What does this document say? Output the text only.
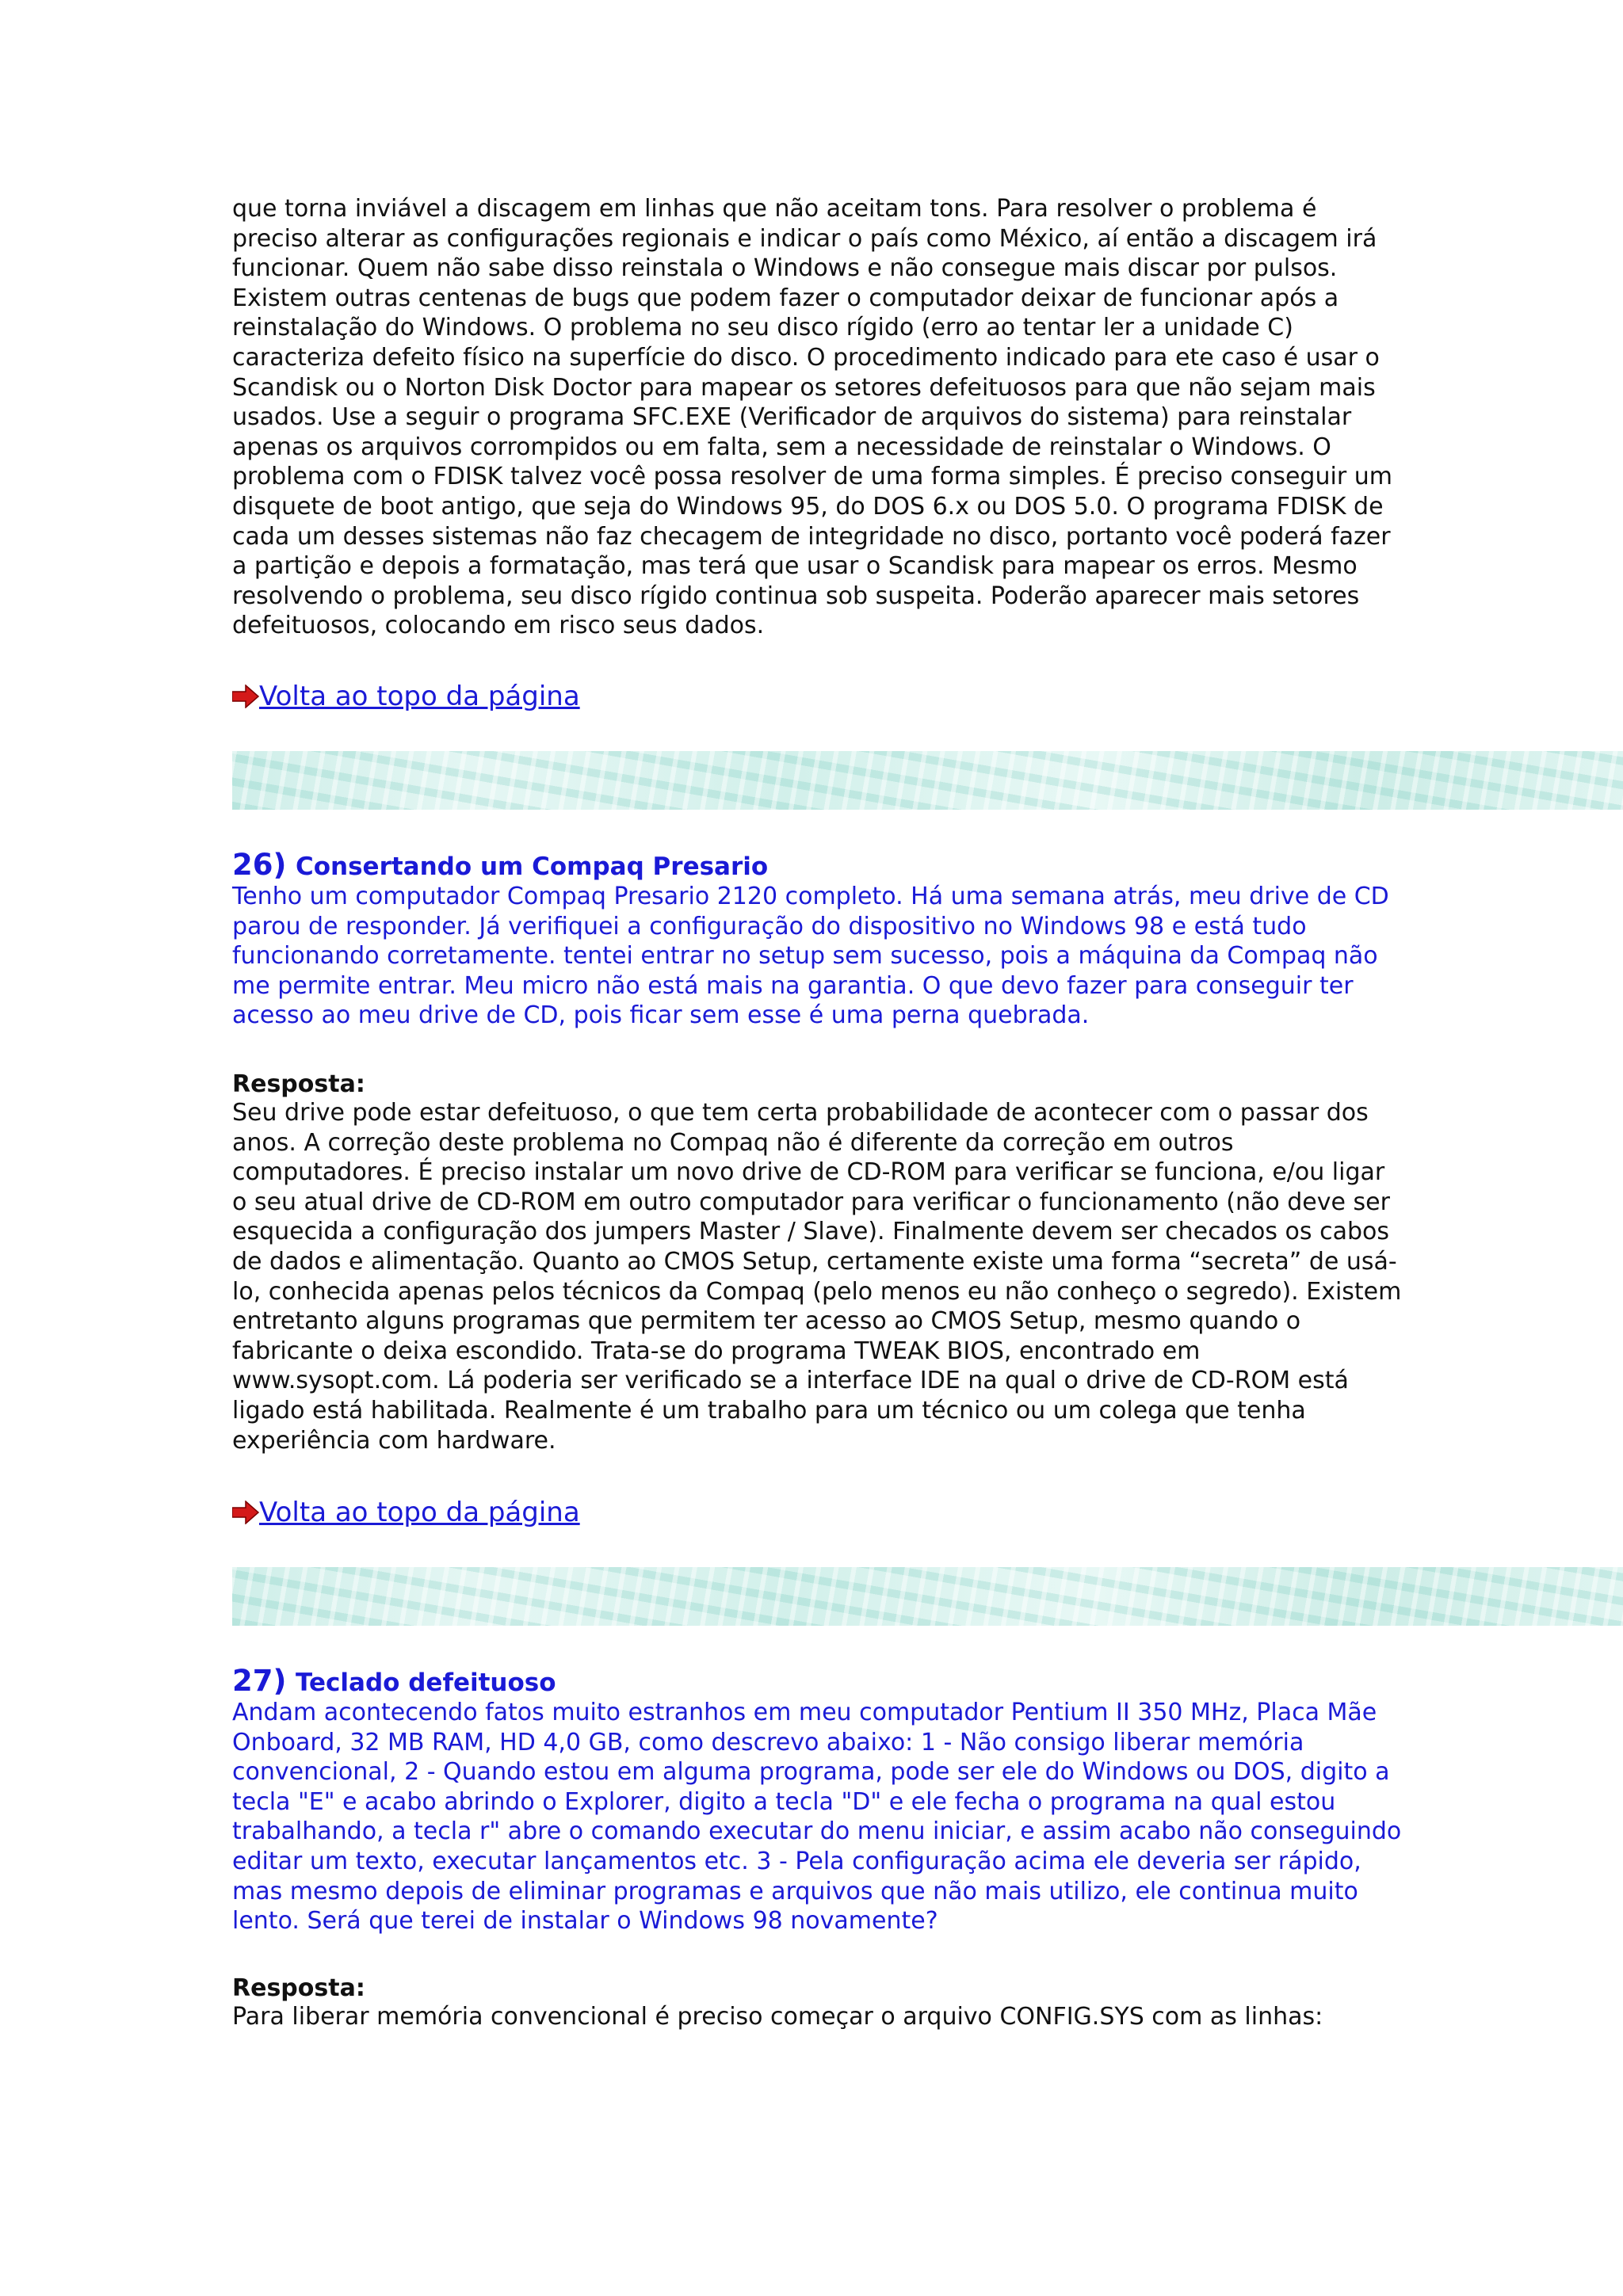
que torna inviável a discagem em linhas que não aceitam tons. Para resolver o problema é preciso alterar as configurações regionais e indicar o país como México, aí então a discagem irá funcionar. Quem não sabe disso reinstala o Windows e não consegue mais discar por pulsos. Existem outras centenas de bugs que podem fazer o computador deixar de funcionar após a reinstalação do Windows. O problema no seu disco rígido (erro ao tentar ler a unidade C) caracteriza defeito físico na superfície do disco. O procedimento indicado para ete caso é usar o Scandisk ou o Norton Disk Doctor para mapear os setores defeituosos para que não sejam mais usados. Use a seguir o programa SFC.EXE (Verificador de arquivos do sistema) para reinstalar apenas os arquivos corrompidos ou em falta, sem a necessidade de reinstalar o Windows. O problema com o FDISK talvez você possa resolver de uma forma simples. É preciso conseguir um disquete de boot antigo, que seja do Windows 95, do DOS 6.x ou DOS 5.0. O programa FDISK de cada um desses sistemas não faz checagem de integridade no disco, portanto você poderá fazer a partição e depois a formatação, mas terá que usar o Scandisk para mapear os erros. Mesmo resolvendo o problema, seu disco rígido continua sob suspeita. Poderão aparecer mais setores defeituosos, colocando em risco seus dados.

Volta ao topo da página
26) Consertando um Compaq Presario

Tenho um computador Compaq Presario 2120 completo. Há uma semana atrás, meu drive de CD parou de responder. Já verifiquei a configuração do dispositivo no Windows 98 e está tudo funcionando corretamente. tentei entrar no setup sem sucesso, pois a máquina da Compaq não me permite entrar. Meu micro não está mais na garantia. O que devo fazer para conseguir ter acesso ao meu drive de CD, pois ficar sem esse é uma perna quebrada.

Resposta:

Seu drive pode estar defeituoso, o que tem certa probabilidade de acontecer com o passar dos anos. A correção deste problema no Compaq não é diferente da correção em outros computadores. É preciso instalar um novo drive de CD-ROM para verificar se funciona, e/ou ligar o seu atual drive de CD-ROM em outro computador para verificar o funcionamento (não deve ser esquecida a configuração dos jumpers Master / Slave). Finalmente devem ser checados os cabos de dados e alimentação. Quanto ao CMOS Setup, certamente existe uma forma “secreta” de usá-lo, conhecida apenas pelos técnicos da Compaq (pelo menos eu não conheço o segredo). Existem entretanto alguns programas que permitem ter acesso ao CMOS Setup, mesmo quando o fabricante o deixa escondido. Trata-se do programa TWEAK BIOS, encontrado em www.sysopt.com. Lá poderia ser verificado se a interface IDE na qual o drive de CD-ROM está ligado está habilitada. Realmente é um trabalho para um técnico ou um colega que tenha experiência com hardware.

Volta ao topo da página
27) Teclado defeituoso

Andam acontecendo fatos muito estranhos em meu computador Pentium II 350 MHz, Placa Mãe Onboard, 32 MB RAM, HD 4,0 GB, como descrevo abaixo: 1 - Não consigo liberar memória convencional, 2 - Quando estou em alguma programa, pode ser ele do Windows ou DOS, digito a tecla "E" e acabo abrindo o Explorer, digito a tecla "D" e ele fecha o programa na qual estou trabalhando, a tecla r" abre o comando executar do menu iniciar, e assim acabo não conseguindo editar um texto, executar lançamentos etc. 3 - Pela configuração acima ele deveria ser rápido, mas mesmo depois de eliminar programas e arquivos que não mais utilizo, ele continua muito lento. Será que terei de instalar o Windows 98 novamente?

Resposta:

Para liberar memória convencional é preciso começar o arquivo CONFIG.SYS com as linhas:
